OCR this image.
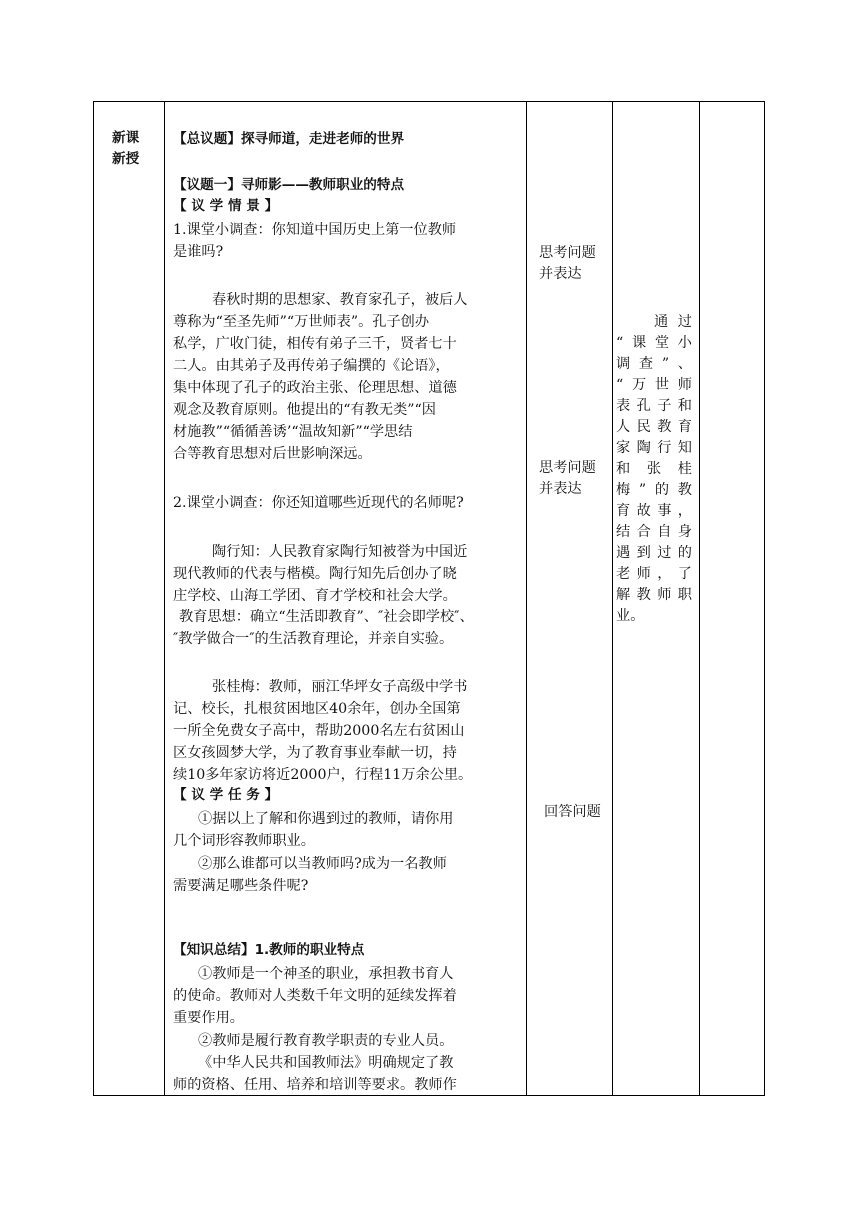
新课
新授
【总议题】探寻师道，走进老师的世界
【议题一】寻师影——教师职业的特点
【 议 学 情 景 】
1.课堂小调查：你知道中国历史上第一位教师
是谁吗?
春秋时期的思想家、教育家孔子，被后人
尊称为“至圣先师”“万世师表”。孔子创办
私学，广收门徒，相传有弟子三千，贤者七十
二人。由其弟子及再传弟子编撰的《论语》，
集中体现了孔子的政治主张、伦理思想、道德
观念及教育原则。他提出的“有教无类”“因
材施教”“循循善诱’“温故知新”“学思结
合等教育思想对后世影响深远。
2.课堂小调查：你还知道哪些近现代的名师呢?
陶行知：人民教育家陶行知被誉为中国近
现代教师的代表与楷模。陶行知先后创办了晓
庄学校、山海工学团、育才学校和社会大学。
教育思想：确立“生活即教育”、″社会即学校″、
″教学做合一″的生活教育理论，并亲自实验。
张桂梅：教师，丽江华坪女子高级中学书
记、校长，扎根贫困地区40余年，创办全国第
一所全免费女子高中，帮助2000名左右贫困山
区女孩圆梦大学，为了教育事业奉献一切，持
续10多年家访将近2000户，行程11万余公里。
【 议 学 任 务 】
①据以上了解和你遇到过的教师，请你用
几个词形容教师职业。
②那么谁都可以当教师吗?成为一名教师
需要满足哪些条件呢?
【知识总结】1.教师的职业特点
①教师是一个神圣的职业，承担教书育人
的使命。教师对人类数千年文明的延续发挥着
重要作用。
②教师是履行教育教学职责的专业人员。
《中华人民共和国教师法》明确规定了教
师的资格、任用、培养和培训等要求。教师作
思考问题
并表达
思考问题
并表达
回答问题
通 过
“ 课 堂 小
调 查 ” 、
“ 万 世 师
表 孔 子 和
人 民 教 育
家 陶 行 知
和 张 桂
梅 ” 的 教
育 故 事 ，
结 合 自 身
遇 到 过 的
老 师 ， 了
解 教 师 职
业。
